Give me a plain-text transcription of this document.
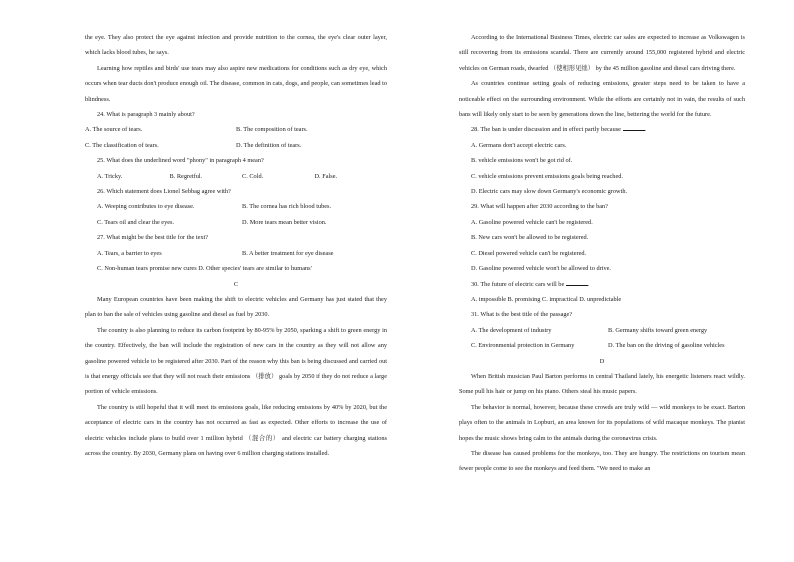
the eye. They also protect the eye against infection and provide nutrition to the cornea, the eye's clear outer layer, which lacks blood tubes, he says.

Learning how reptiles and birds' use tears may also aspire new medications for conditions such as dry eye, which occurs when tear ducts don't produce enough oil. The disease, common in cats, dogs, and people, can sometimes lead to blindness.

24. What is paragraph 3 mainly about?

A. The source of tears.	B. The composition of tears.
C. The classification of tears.	D. The definition of tears.

25. What does the underlined word "phony" in paragraph 4 mean?

A. Tricky.	B. Regretful.	C. Cold.	D. False.

26. Which statement does Lionel Sebbag agree with?

A. Weeping contributes to eye disease.	B. The cornea has rich blood tubes.
C. Tears oil and clear the eyes.	D. More tears mean better vision.

27. What might be the best title for the text?

A. Tears, a barrier to eyes	B. A better treatment for eye disease

C. Non-human tears promise new cures D. Other species' tears are similar to humans'

C

Many European countries have been making the shift to electric vehicles and Germany has just stated that they plan to ban the sale of vehicles using gasoline and diesel as fuel by 2030.

The country is also planning to reduce its carbon footprint by 80-95% by 2050, sparking a shift to green energy in the country. Effectively, the ban will include the registration of new cars in the country as they will not allow any gasoline powered vehicle to be registered after 2030. Part of the reason why this ban is being discussed and carried out is that energy officials see that they will not reach their emissions （排放） goals by 2050 if they do not reduce a large portion of vehicle emissions.

The country is still hopeful that it will meet its emissions goals, like reducing emissions by 40% by 2020, but the acceptance of electric cars in the country has not occurred as fast as expected. Other efforts to increase the use of electric vehicles include plans to build over 1 million hybrid （混合的） and electric car battery charging stations across the country. By 2030, Germany plans on having over 6 million charging stations installed.

According to the International Business Times, electric car sales are expected to increase as Volkswagen is still recovering from its emissions scandal. There are currently around 155,000 registered hybrid and electric vehicles on German roads, dwarfed （使相形见绌） by the 45 million gasoline and diesel cars driving there.

As countries continue setting goals of reducing emissions, greater steps need to be taken to have a noticeable effect on the surrounding environment. While the efforts are certainly not in vain, the results of such bans will likely only start to be seen by generations down the line, bettering the world for the future.

28. The ban is under discussion and in effect partly because	.

A. Germans don't accept electric cars.

B. vehicle emissions won't be got rid of.

C. vehicle emissions prevent emissions goals being reached.

D. Electric cars may slow down Germany's economic growth.

29. What will happen after 2030 according to the ban?

A. Gasoline powered vehicle can't be registered.

B. New cars won't be allowed to be registered.

C. Diesel powered vehicle can't be registered.

D. Gasoline powered vehicle won't be allowed to drive.

30. The future of electric cars will be	.

A. impossible B. promising C. impractical D. unpredictable

31. What is the best title of the passage?

A. The development of industry	B. Germany shifts toward green energy
C. Environmental protection in Germany	D. The ban on the driving of gasoline vehicles

D

When British musician Paul Barton performs in central Thailand lately, his energetic listeners react wildly. Some pull his hair or jump on his piano. Others steal his music papers.

The behavior is normal, however, because these crowds are truly wild — wild monkeys to be exact. Barton plays often to the animals in Lopburi, an area known for its populations of wild macaque monkeys. The pianist hopes the music shows bring calm to the animals during the coronavirus crisis.

The disease has caused problems for the monkeys, too. They are hungry. The restrictions on tourism mean fewer people come to see the monkeys and feed them. "We need to make an
